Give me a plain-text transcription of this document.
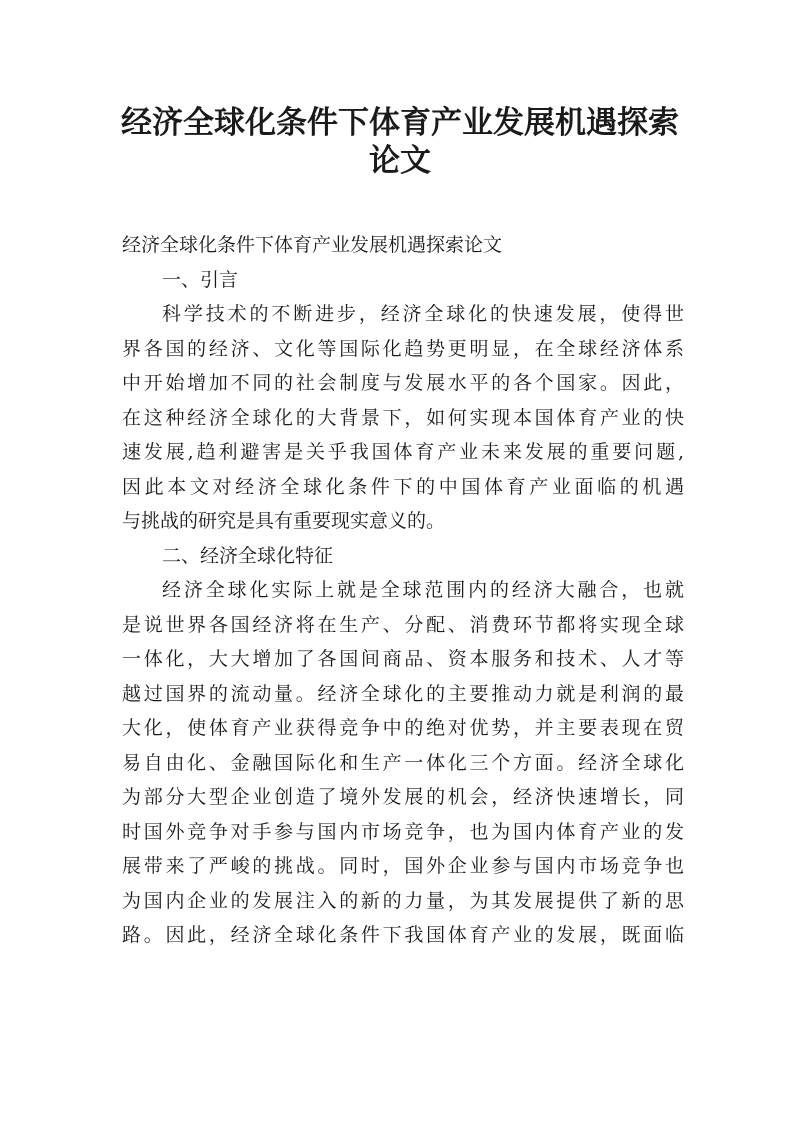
经济全球化条件下体育产业发展机遇探索
论文
经济全球化条件下体育产业发展机遇探索论文
一、引言
科学技术的不断进步，经济全球化的快速发展，使得世
界各国的经济、文化等国际化趋势更明显，在全球经济体系
中开始增加不同的社会制度与发展水平的各个国家。因此，
在这种经济全球化的大背景下，如何实现本国体育产业的快
速发展,趋利避害是关乎我国体育产业未来发展的重要问题,
因此本文对经济全球化条件下的中国体育产业面临的机遇
与挑战的研究是具有重要现实意义的。
二、经济全球化特征
经济全球化实际上就是全球范围内的经济大融合，也就
是说世界各国经济将在生产、分配、消费环节都将实现全球
一体化，大大增加了各国间商品、资本服务和技术、人才等
越过国界的流动量。经济全球化的主要推动力就是利润的最
大化，使体育产业获得竞争中的绝对优势，并主要表现在贸
易自由化、金融国际化和生产一体化三个方面。经济全球化
为部分大型企业创造了境外发展的机会，经济快速增长，同
时国外竞争对手参与国内市场竞争，也为国内体育产业的发
展带来了严峻的挑战。同时，国外企业参与国内市场竞争也
为国内企业的发展注入的新的力量，为其发展提供了新的思
路。因此，经济全球化条件下我国体育产业的发展，既面临
